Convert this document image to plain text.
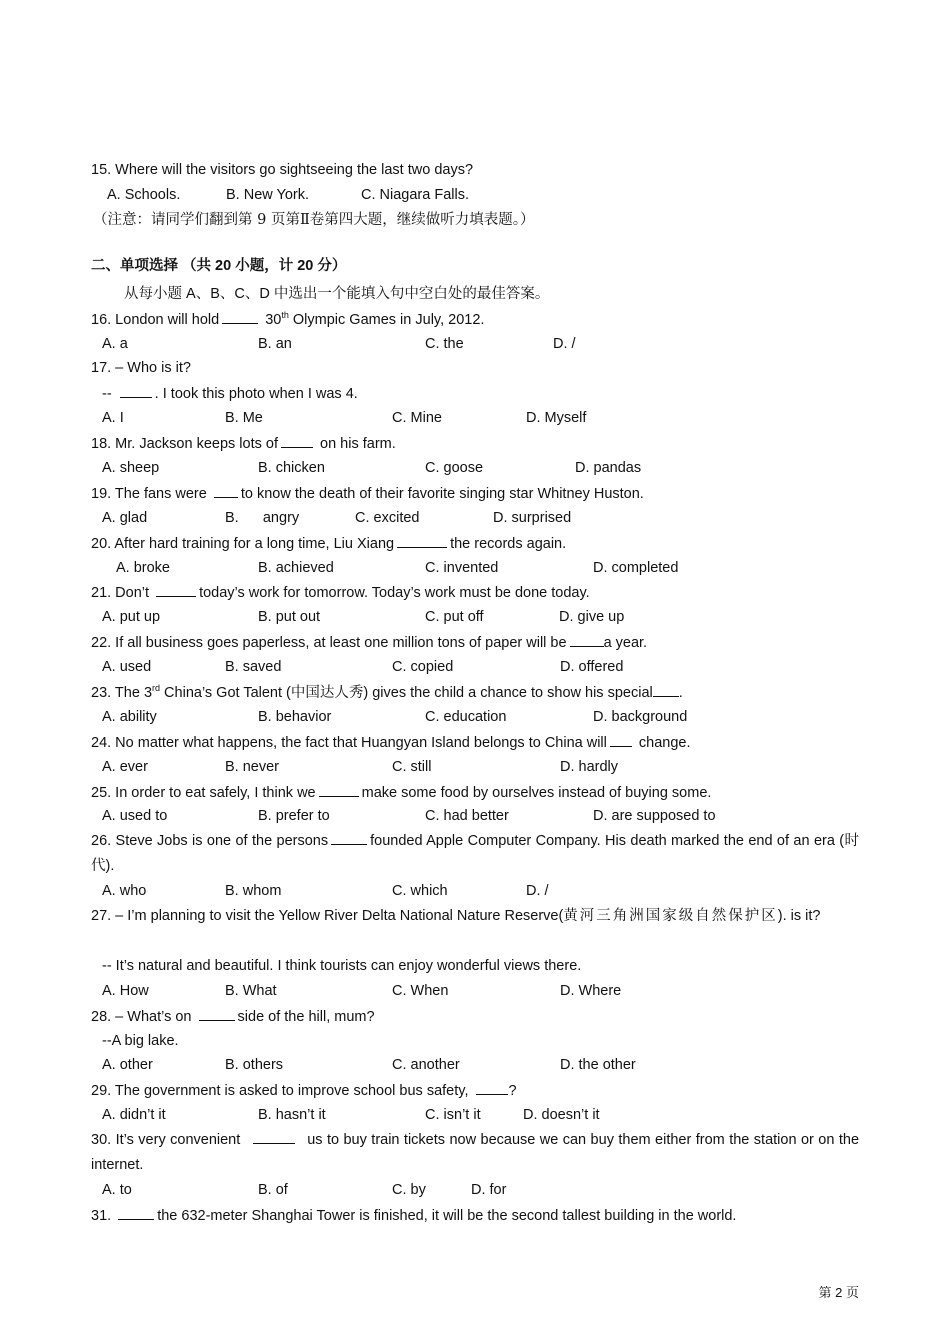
15. Where will the visitors go sightseeing the last two days?
A. Schools.	B. New York.	C. Niagara Falls.
（注意：请同学们翻到第 9 页第Ⅱ卷第四大题，继续做听力填表题。）
二、单项选择 （共 20 小题，计 20 分）
从每小题 A、B、C、D 中选出一个能填入句中空白处的最佳答案。
16. London will hold	30th Olympic Games in July, 2012.
A. a	B. an	C. the	D. /
17. – Who is it?
--	. I took this photo when I was 4.
A. I	B. Me	C. Mine	D. Myself
18. Mr. Jackson keeps lots of	on his farm.
A. sheep	B. chicken	C. goose	D. pandas
19. The fans were to know the death of their favorite singing star Whitney Huston.
A. glad	B.      angry	C. excited	D. surprised
20. After hard training for a long time, Liu Xiang	the records again.
A. broke	B. achieved	C. invented	D. completed
21. Don’t	today’s work for tomorrow. Today’s work must be done today.
A. put up	B. put out	C. put off	D. give up
22. If all business goes paperless, at least one million tons of paper will be	a year.
A. used	B. saved	C. copied	D. offered
23. The 3rd China’s Got Talent (中国达人秀) gives the child a chance to show his special .
A. ability	B. behavior	C. education	D. background
24. No matter what happens, the fact that Huangyan Island belongs to China will change.
A. ever	B. never	C. still	D. hardly
25. In order to eat safely, I think we	make some food by ourselves instead of buying some.
A. used to	B. prefer to	C. had better	D. are supposed to
26. Steve Jobs is one of the persons	founded Apple Computer Company. His death marked the end of an era (时代).
A. who	B. whom	C. which	D. /
27. – I’m planning to visit the Yellow River Delta National Nature Reserve(黄河三角洲国家级自然保护区). is it?
-- It’s natural and beautiful. I think tourists can enjoy wonderful views there.
A. How	B. What	C. When	D. Where
28. – What’s on	side of the hill, mum?
--A big lake.
A. other	B. others	C. another	D. the other
29. The government is asked to improve school bus safety,	?
A. didn’t it	B. hasn’t it	C. isn’t it	D. doesn’t it
30. It’s very convenient	us to buy train tickets now because we can buy them either from the station or on the internet.
A. to	B. of	C. by	D. for
31.	the 632-meter Shanghai Tower is finished, it will be the second tallest building in the world.
第 2 页
